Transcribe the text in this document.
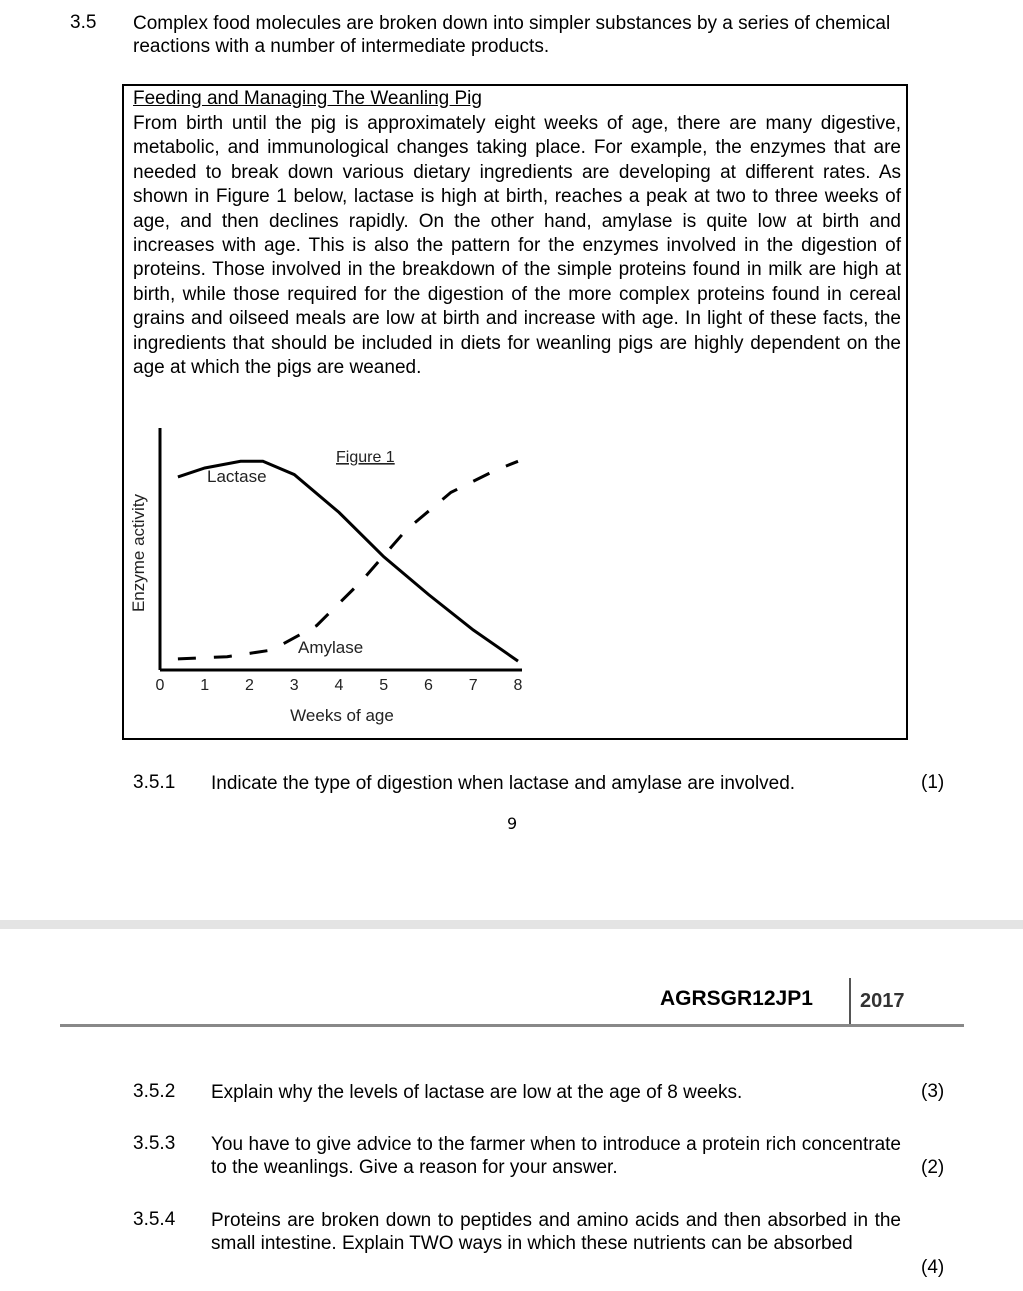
3.5 Complex food molecules are broken down into simpler substances by a series of chemical reactions with a number of intermediate products.
Feeding and Managing The Weanling Pig
From birth until the pig is approximately eight weeks of age, there are many digestive, metabolic, and immunological changes taking place. For example, the enzymes that are needed to break down various dietary ingredients are developing at different rates. As shown in Figure 1 below, lactase is high at birth, reaches a peak at two to three weeks of age, and then declines rapidly. On the other hand, amylase is quite low at birth and increases with age. This is also the pattern for the enzymes involved in the digestion of proteins. Those involved in the breakdown of the simple proteins found in milk are high at birth, while those required for the digestion of the more complex proteins found in cereal grains and oilseed meals are low at birth and increase with age. In light of these facts, the ingredients that should be included in diets for weanling pigs are highly dependent on the age at which the pigs are weaned.
0 1 2 3 4 5 6 7 8
Weeks of age
Enzyme activity
Figure 1
Lactase
Amylase
3.5.1 Indicate the type of digestion when lactase and amylase are involved.	(1)
9
AGRSGR12JP1 2017
3.5.2 Explain why the levels of lactase are low at the age of 8 weeks.	(3)
3.5.3 You have to give advice to the farmer when to introduce a protein rich concentrate to the weanlings. Give a reason for your answer.	(2)
3.5.4 Proteins are broken down to peptides and amino acids and then absorbed in the small intestine. Explain TWO ways in which these nutrients can be absorbed
(4)
